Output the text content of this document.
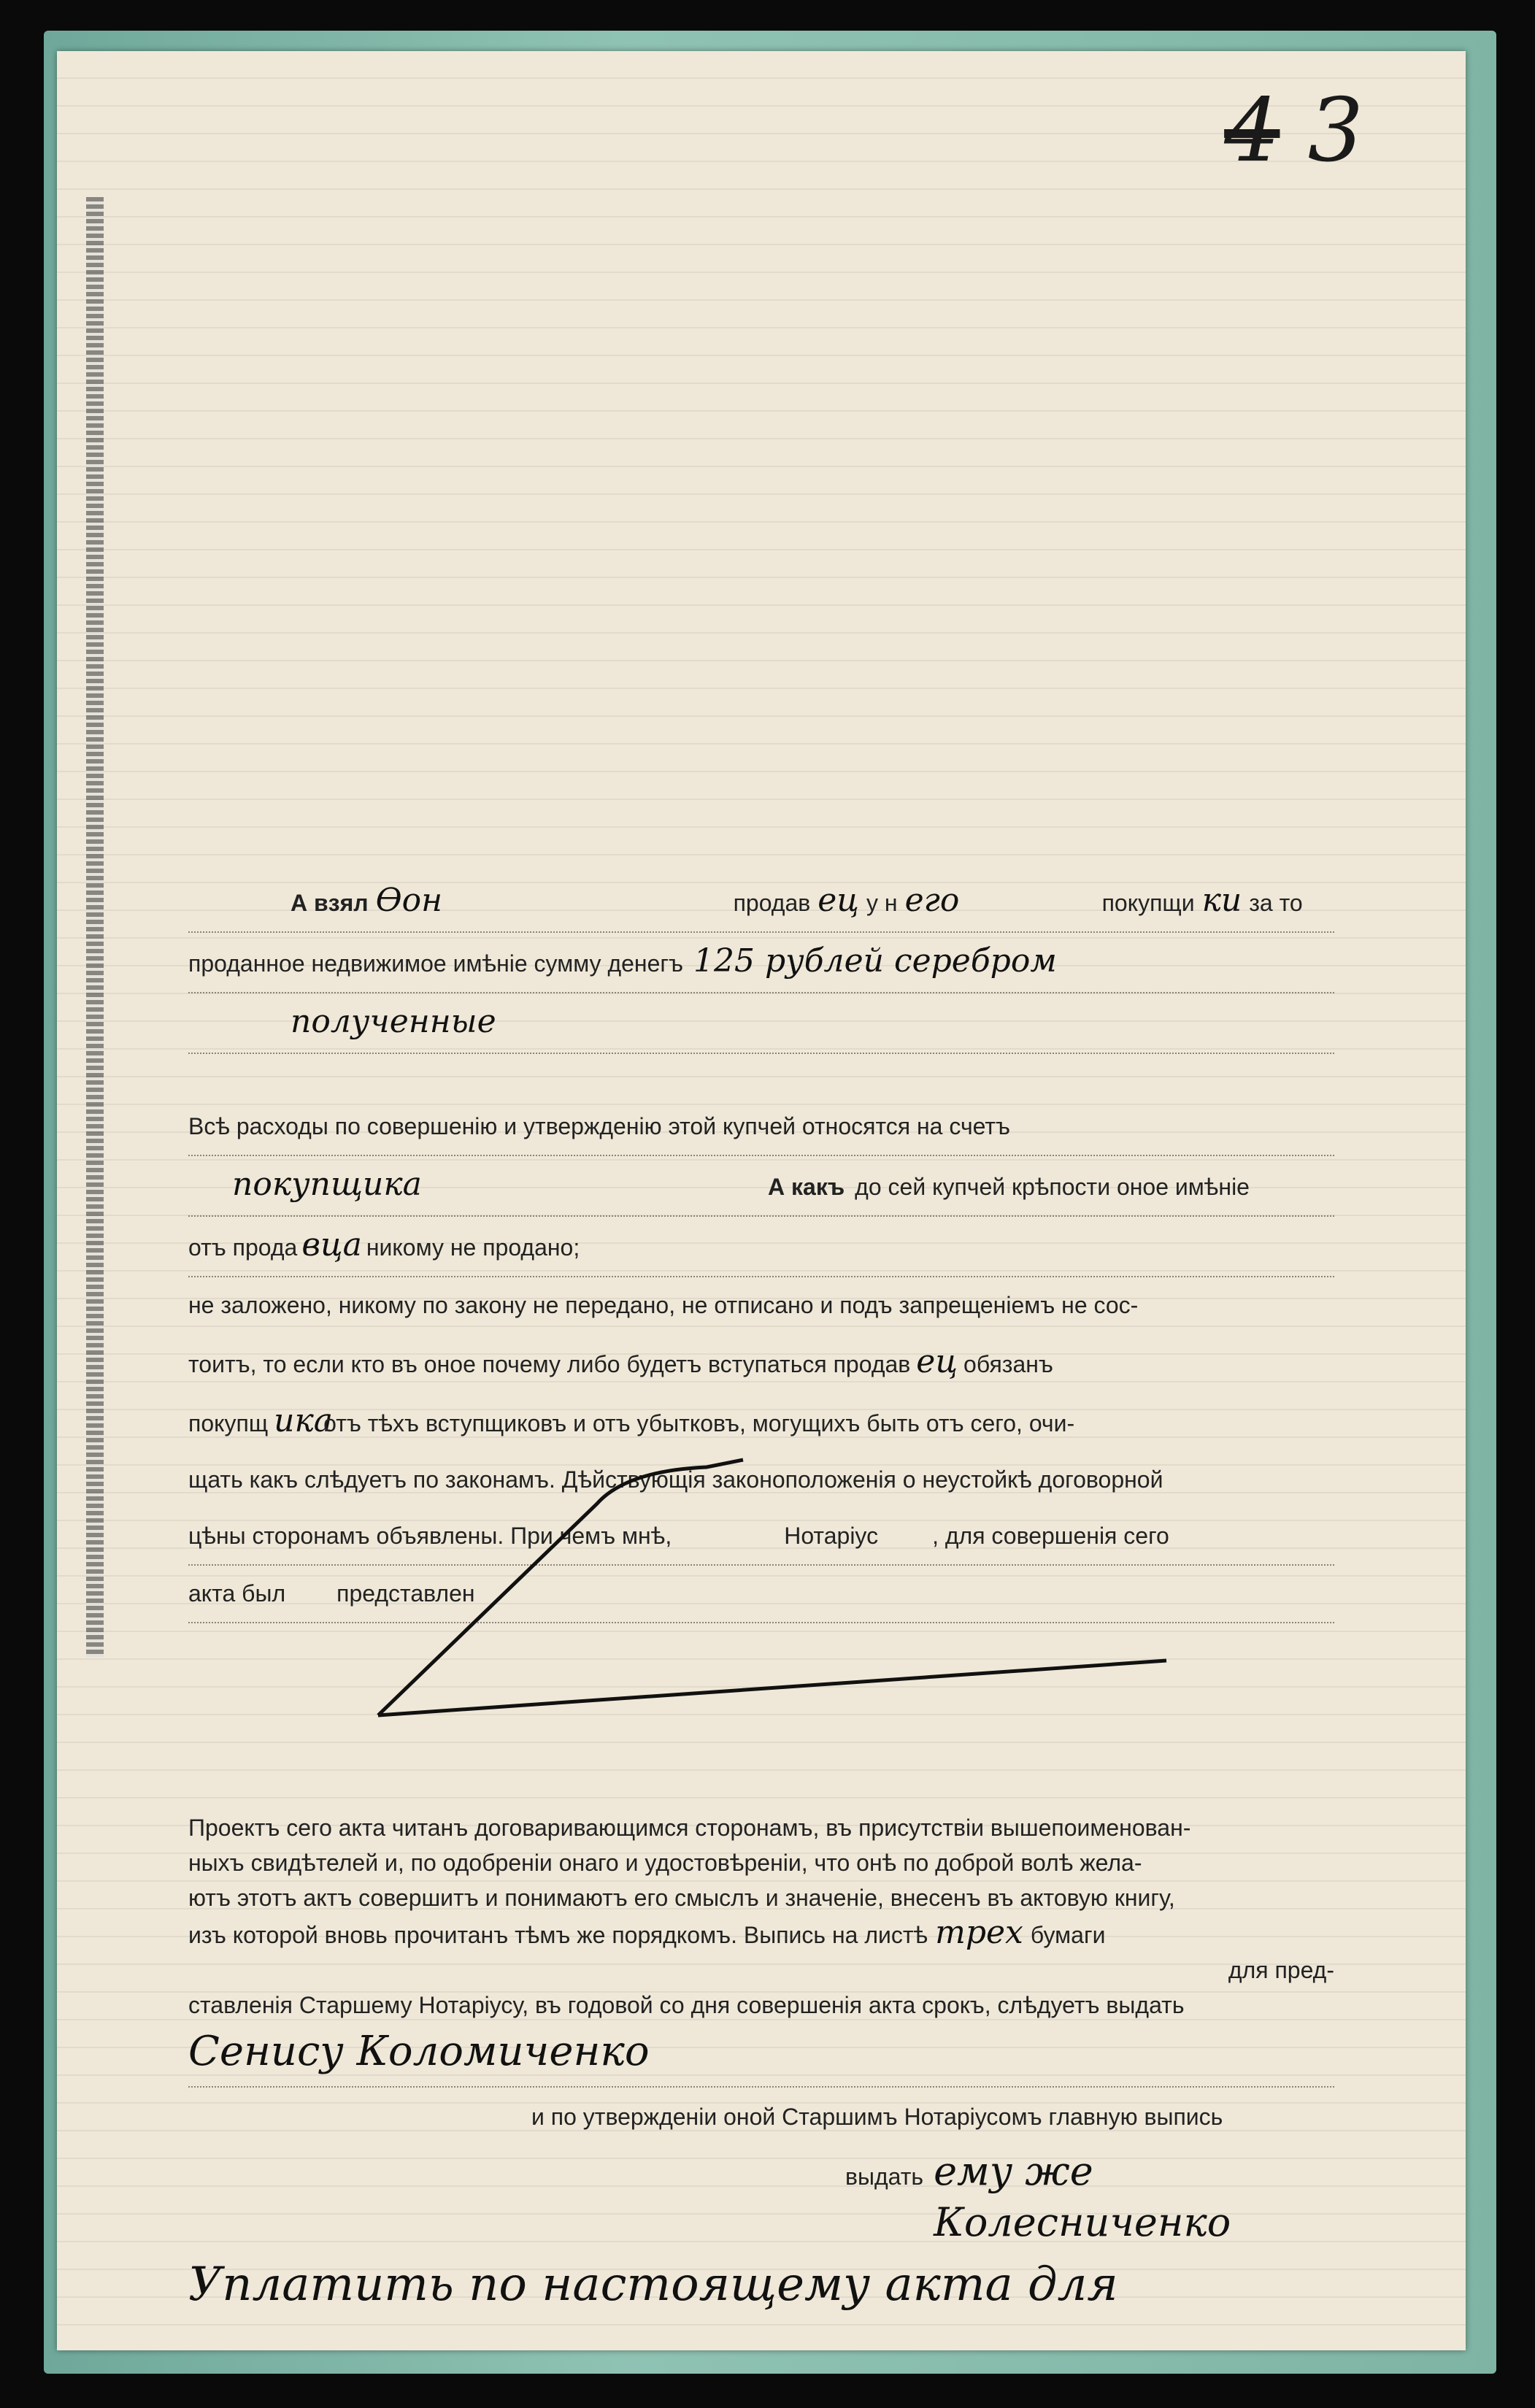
4 3
А взял Ѳон	продав ец у н его	покупщи ки за то
проданное недвижимое имѣніе сумму денегъ 125 рублей серебром
полученные
Всѣ расходы по совершенію и утвержденію этой купчей относятся на счетъ
покупщика	А какъ до сей купчей крѣпости оное имѣніе
отъ прода вца никому не продано;
не заложено, никому по закону не передано, не отписано и подъ запрещеніемъ не сос-
тоитъ, то если кто въ оное почему либо будетъ вступаться продав ец обязанъ
покупщ ика
отъ тѣхъ вступщиковъ и отъ убытковъ, могущихъ быть отъ сего, очи-
щать какъ слѣдуетъ по законамъ. Дѣйствующія законоположенія о неустойкѣ договорной
цѣны сторонамъ объявлены. При чемъ мнѣ,	Нотаріус , для совершенія сего
акта был представлен
Проектъ сего акта читанъ договаривающимся сторонамъ, въ присутствіи вышепоименован-
ныхъ свидѣтелей и, по одобреніи онаго и удостовѣреніи, что онѣ по доброй волѣ желa-
ютъ этотъ актъ совершитъ и понимаютъ его смыслъ и значеніе, внесенъ въ актовую книгу,
изъ которой вновь прочитанъ тѣмъ же порядкомъ. Выпись на листѣ трех бумаги
для пред-
ставленія Старшему Нотаріусу, въ годовой со дня совершенія акта срокъ, слѣдуетъ выдать
Сенису Коломиченко
и по утвержденіи оной Старшимъ Нотаріусомъ главную выпись
выдать ему же Колесниченко
Уплатить по настоящему акта для
